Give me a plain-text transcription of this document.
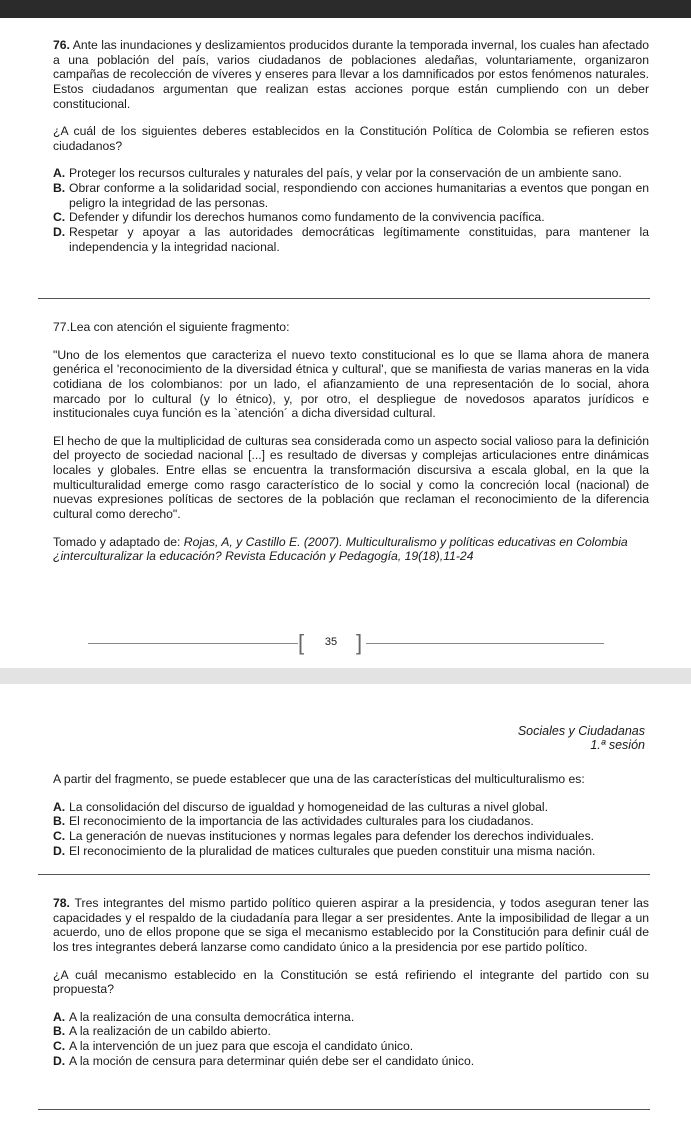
76. Ante las inundaciones y deslizamientos producidos durante la temporada invernal, los cuales han afectado a una población del país, varios ciudadanos de poblaciones aledañas, voluntariamente, organizaron campañas de recolección de víveres y enseres para llevar a los damnificados por estos fenómenos naturales. Estos ciudadanos argumentan que realizan estas acciones porque están cumpliendo con un deber constitucional.

¿A cuál de los siguientes deberes establecidos en la Constitución Política de Colombia se refieren estos ciudadanos?

A. Proteger los recursos culturales y naturales del país, y velar por la conservación de un ambiente sano.
B. Obrar conforme a la solidaridad social, respondiendo con acciones humanitarias a eventos que pongan en peligro la integridad de las personas.
C. Defender y difundir los derechos humanos como fundamento de la convivencia pacífica.
D. Respetar y apoyar a las autoridades democráticas legítimamente constituidas, para mantener la independencia y la integridad nacional.

77.Lea con atención el siguiente fragmento:

"Uno de los elementos que caracteriza el nuevo texto constitucional es lo que se llama ahora de manera genérica el 'reconocimiento de la diversidad étnica y cultural', que se manifiesta de varias maneras en la vida cotidiana de los colombianos: por un lado, el afianzamiento de una representación de lo social, ahora marcado por lo cultural (y lo étnico), y, por otro, el despliegue de novedosos aparatos jurídicos e institucionales cuya función es la `atención´ a dicha diversidad cultural.

El hecho de que la multiplicidad de culturas sea considerada como un aspecto social valioso para la definición del proyecto de sociedad nacional [...] es resultado de diversas y complejas articulaciones entre dinámicas locales y globales. Entre ellas se encuentra la transformación discursiva a escala global, en la que la multiculturalidad emerge como rasgo característico de lo social y como la concreción local (nacional) de nuevas expresiones políticas de sectores de la población que reclaman el reconocimiento de la diferencia cultural como derecho".

Tomado y adaptado de: Rojas, A, y Castillo E. (2007). Multiculturalismo y políticas educativas en Colombia ¿interculturalizar la educación? Revista Educación y Pedagogía, 19(18),11-24

[	35 ]
Sociales y Ciudadanas
1.ª sesión

A partir del fragmento, se puede establecer que una de las características del multiculturalismo es:

A. La consolidación del discurso de igualdad y homogeneidad de las culturas a nivel global.
B. El reconocimiento de la importancia de las actividades culturales para los ciudadanos.
C. La generación de nuevas instituciones y normas legales para defender los derechos individuales.
D. El reconocimiento de la pluralidad de matices culturales que pueden constituir una misma nación.

78. Tres integrantes del mismo partido político quieren aspirar a la presidencia, y todos aseguran tener las capacidades y el respaldo de la ciudadanía para llegar a ser presidentes. Ante la imposibilidad de llegar a un acuerdo, uno de ellos propone que se siga el mecanismo establecido por la Constitución para definir cuál de los tres integrantes deberá lanzarse como candidato único a la presidencia por ese partido político.

¿A cuál mecanismo establecido en la Constitución se está refiriendo el integrante del partido con su propuesta?

A. A la realización de una consulta democrática interna.
B. A la realización de un cabildo abierto.
C. A la intervención de un juez para que escoja el candidato único.
D. A la moción de censura para determinar quién debe ser el candidato único.
